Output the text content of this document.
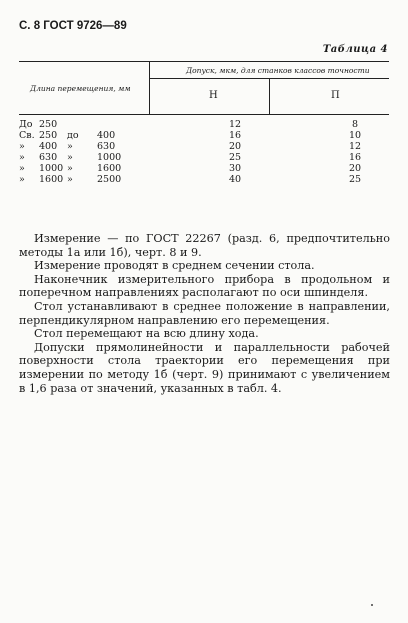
С. 8 ГОСТ 9726—89
Таблица 4
Длина перемещения, мм
Допуск, мкм, для станков классов точности
Н	П
До 250	12	8
Св. 250 до 400	16	10
» 400 »	630	20	12
» 630 »	1000	25	16
» 1000 »	1600	30	20
» 1600 »	2500	40	25

Измерение — по ГОСТ 22267 (разд. 6, предпочтительно методы 1а или 1б), черт. 8 и 9.

Измерение проводят в среднем сечении стола.

Наконечник измерительного прибора в продольном и поперечном направлениях располагают по оси шпинделя.

Стол устанавливают в среднее положение в направлении, перпендикулярном направлению его перемещения.

Стол перемещают на всю длину хода.

Допуски прямолинейности и параллельности рабочей поверхности стола траектории его перемещения при измерении по методу 1б (черт. 9) принимают с увеличением в 1,6 раза от значений, указанных в табл. 4.
